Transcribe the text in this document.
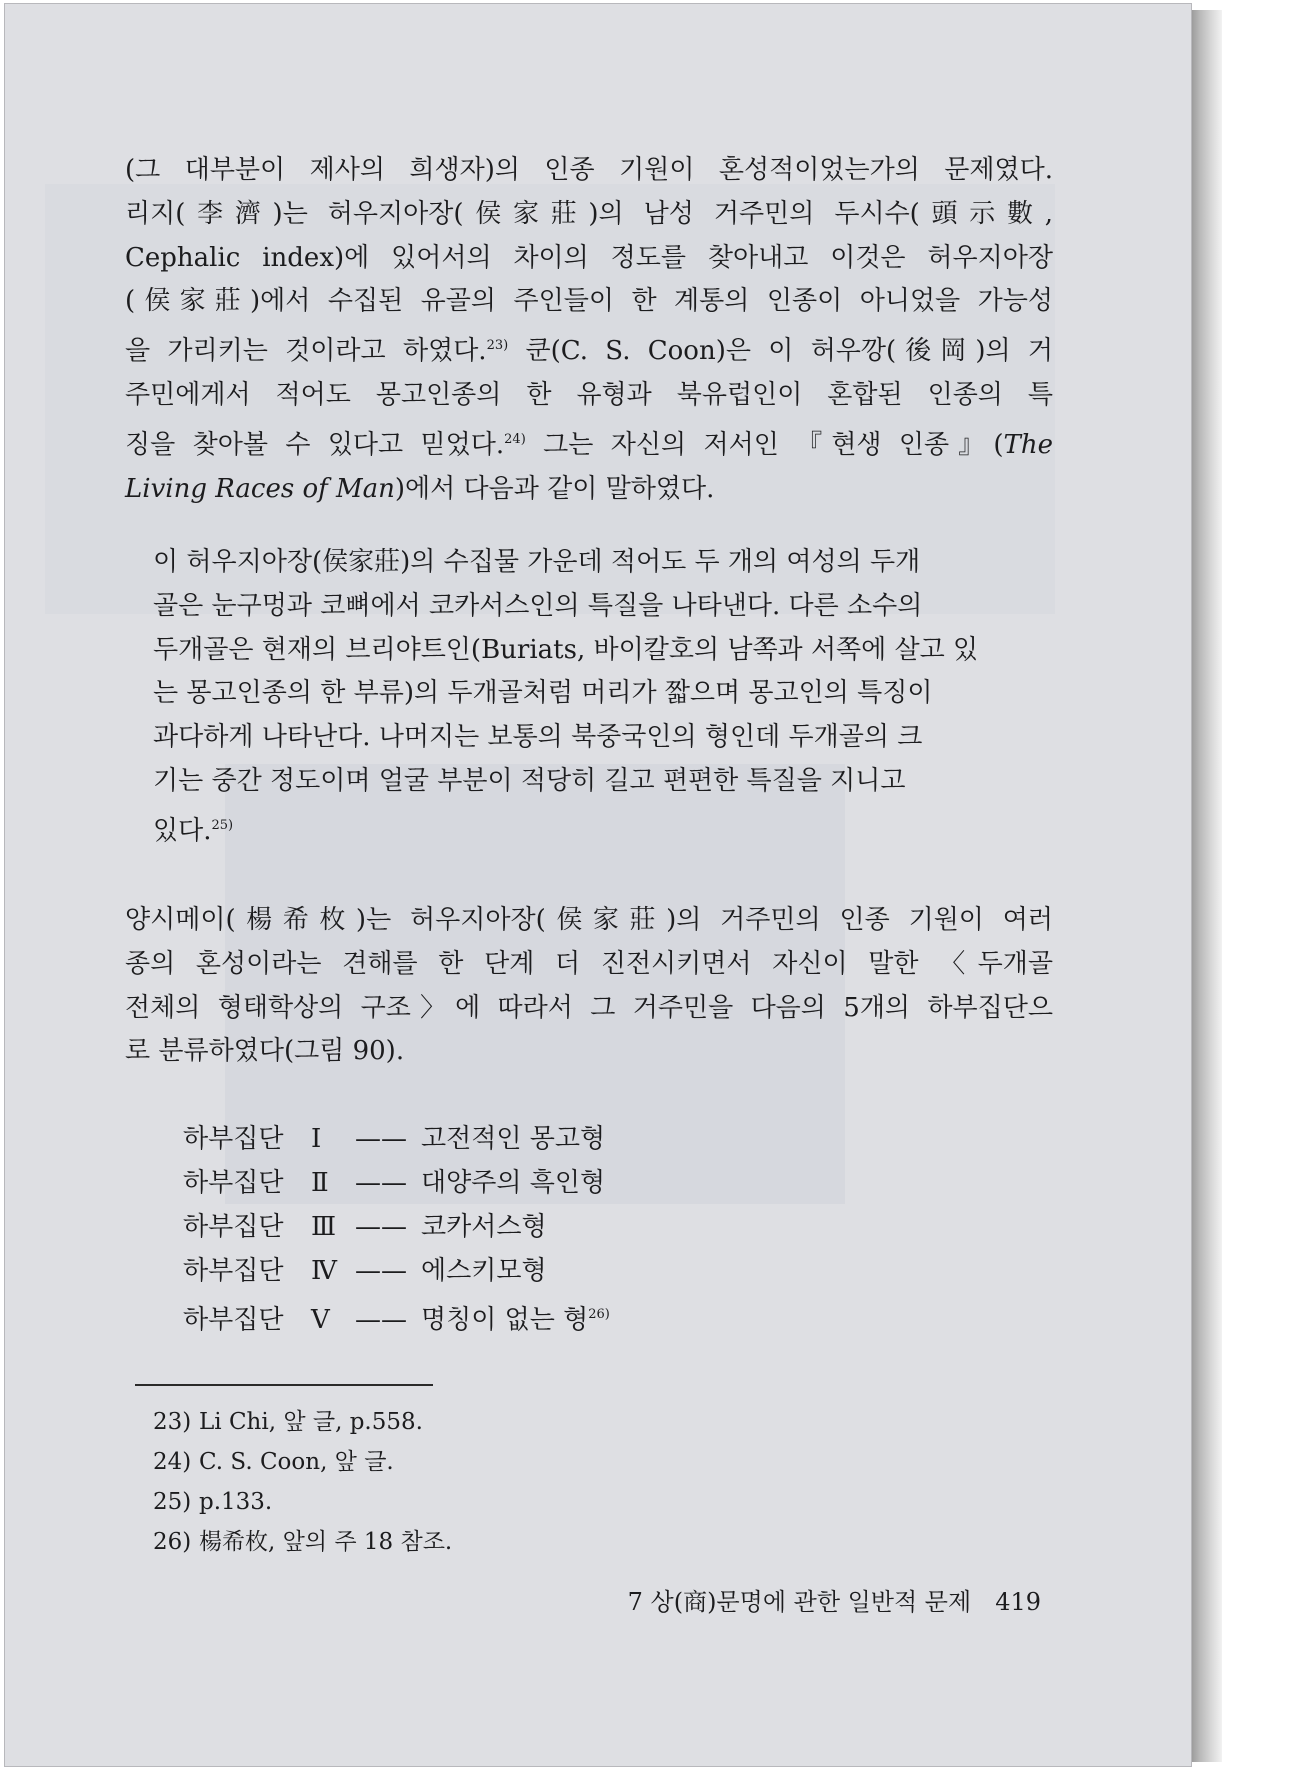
(그 대부분이 제사의 희생자)의 인종 기원이 혼성적이었는가의 문제였다.
리지(李濟)는 허우지아장(侯家莊)의 남성 거주민의 두시수(頭示數,
Cephalic index)에 있어서의 차이의 정도를 찾아내고 이것은 허우지아장
(侯家莊)에서 수집된 유골의 주인들이 한 계통의 인종이 아니었을 가능성
을 가리키는 것이라고 하였다.$^{23)}$ 쿤(C. S. Coon)은 이 허우깡(後岡)의 거
주민에게서 적어도 몽고인종의 한 유형과 북유럽인이 혼합된 인종의 특
징을 찾아볼 수 있다고 믿었다.$^{24)}$ 그는 자신의 저서인 『현생 인종』(The
Living Races of Man)에서 다음과 같이 말하였다.
이 허우지아장(侯家莊)의 수집물 가운데 적어도 두 개의 여성의 두개
골은 눈구멍과 코뼈에서 코카서스인의 특질을 나타낸다. 다른 소수의
두개골은 현재의 브리야트인(Buriats, 바이칼호의 남쪽과 서쪽에 살고 있
는 몽고인종의 한 부류)의 두개골처럼 머리가 짧으며 몽고인의 특징이
과다하게 나타난다. 나머지는 보통의 북중국인의 형인데 두개골의 크
기는 중간 정도이며 얼굴 부분이 적당히 길고 편편한 특질을 지니고
있다.$^{25)}$
양시메이(楊希枚)는 허우지아장(侯家莊)의 거주민의 인종 기원이 여러
종의 혼성이라는 견해를 한 단계 더 진전시키면서 자신이 말한 〈두개골
전체의 형태학상의 구조〉에 따라서 그 거주민을 다음의 5개의 하부집단으
로 분류하였다(그림 90).
하부집단 Ⅰ —— 고전적인 몽고형
하부집단 Ⅱ —— 대양주의 흑인형
하부집단 Ⅲ —— 코카서스형
하부집단 Ⅳ —— 에스키모형
하부집단 Ⅴ —— 명칭이 없는 형$^{26)}$
23) Li Chi, 앞 글, p.558.
24) C. S. Coon, 앞 글.
25) p.133.
26) 楊希枚, 앞의 주 18 참조.
7 상(商)문명에 관한 일반적 문제 419
